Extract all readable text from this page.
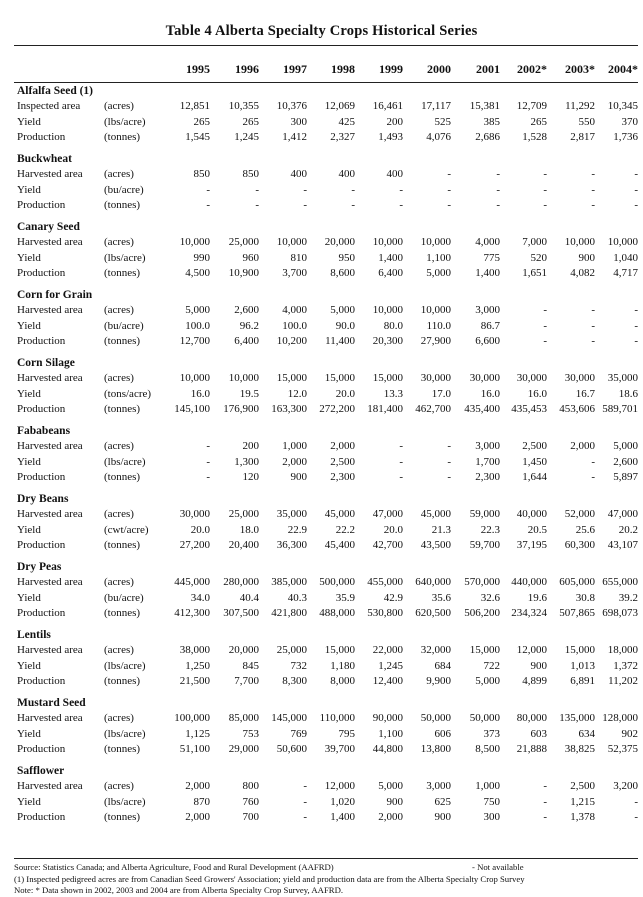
Table 4 Alberta Specialty Crops Historical Series
1995 1996 1997 1998 1999 2000 2001 2002* 2003* 2004*
Alfalfa Seed (1)
Inspected area (acres)	12,851 10,355 10,376 12,069 16,461 17,117 15,381 12,709 11,292 10,345
Yield	(lbs/acre)	265	265	300	425	200	525	385	265	550 370
Production	(tonnes)	1,545 1,245 1,412 2,327 1,493 4,076 2,686 1,528 2,817 1,736
Buckwheat
Harvested area (acres)	850	850	400	400	400	-	-	-	-	-
Yield	(bu/acre)	-	-	-	-	-	-	-	-	-	-
Production	(tonnes)	-	-	-	-	-	-	-	-	-	-
Canary Seed
Harvested area (acres)	10,000 25,000 10,000 20,000 10,000 10,000 4,000 7,000 10,000 10,000
Yield	(lbs/acre)	990	960	810	950 1,400 1,100	775	520	900 1,040
Production	(tonnes)	4,500 10,900 3,700 8,600 6,400 5,000 1,400 1,651 4,082 4,717
Corn for Grain
Harvested area (acres)	5,000 2,600 4,000 5,000 10,000 10,000 3,000	-	-	-
Yield	(bu/acre)	100.0	96.2 100.0	90.0	80.0 110.0	86.7	-	-	-
Production	(tonnes)	12,700 6,400 10,200 11,400 20,300 27,900 6,600	-	-	-
Corn Silage
Harvested area (acres)	10,000 10,000 15,000 15,000 15,000 30,000 30,000 30,000 30,000 35,000
Yield	(tons/acre)	16.0	19.5	12.0	20.0	13.3	17.0	16.0	16.0	16.7 18.6
Production	(tonnes)	145,100 176,900 163,300 272,200 181,400 462,700 435,400 435,453 453,606 589,701
Fababeans
Harvested area (acres)	-	200 1,000 2,000	-	- 3,000 2,500 2,000 5,000
Yield	(lbs/acre)	- 1,300 2,000 2,500	-	- 1,700 1,450	- 2,600
Production	(tonnes)	-	120	900 2,300	-	- 2,300 1,644	- 5,897
Dry Beans
Harvested area (acres)	30,000 25,000 35,000 45,000 47,000 45,000 59,000 40,000 52,000 47,000
Yield	(cwt/acre)	20.0	18.0	22.9	22.2	20.0	21.3	22.3	20.5	25.6 20.2
Production	(tonnes)	27,200 20,400 36,300 45,400 42,700 43,500 59,700 37,195 60,300 43,107
Dry Peas
Harvested area (acres)	445,000 280,000 385,000 500,000 455,000 640,000 570,000 440,000 605,000 655,000
Yield	(bu/acre)	34.0	40.4	40.3	35.9	42.9	35.6	32.6	19.6	30.8 39.2
Production	(tonnes)	412,300 307,500 421,800 488,000 530,800 620,500 506,200 234,324 507,865 698,073
Lentils
Harvested area (acres)	38,000 20,000 25,000 15,000 22,000 32,000 15,000 12,000 15,000 18,000
Yield	(lbs/acre)	1,250	845	732 1,180 1,245	684	722	900 1,013 1,372
Production	(tonnes)	21,500 7,700 8,300 8,000 12,400 9,900 5,000 4,899 6,891 11,202
Mustard Seed
Harvested area (acres)	100,000 85,000 145,000 110,000 90,000 50,000 50,000 80,000 135,000 128,000
Yield	(lbs/acre)	1,125	753	769	795 1,100	606	373	603	634 902
Production	(tonnes)	51,100 29,000 50,600 39,700 44,800 13,800 8,500 21,888 38,825 52,375
Safflower
Harvested area (acres)	2,000	800	- 12,000 5,000 3,000 1,000	- 2,500 3,200
Yield	(lbs/acre)	870	760	- 1,020	900	625	750	- 1,215	-
Production	(tonnes)	2,000	700	- 1,400 2,000	900	300	- 1,378	-
Source: Statistics Canada; and Alberta Agriculture, Food and Rural Development (AAFRD)	- Not available
(1) Inspected pedigreed acres are from Canadian Seed Growers' Association; yield and production data are from the Alberta Specialty Crop Survey
Note: * Data shown in 2002, 2003 and 2004 are from Alberta Specialty Crop Survey, AAFRD.
